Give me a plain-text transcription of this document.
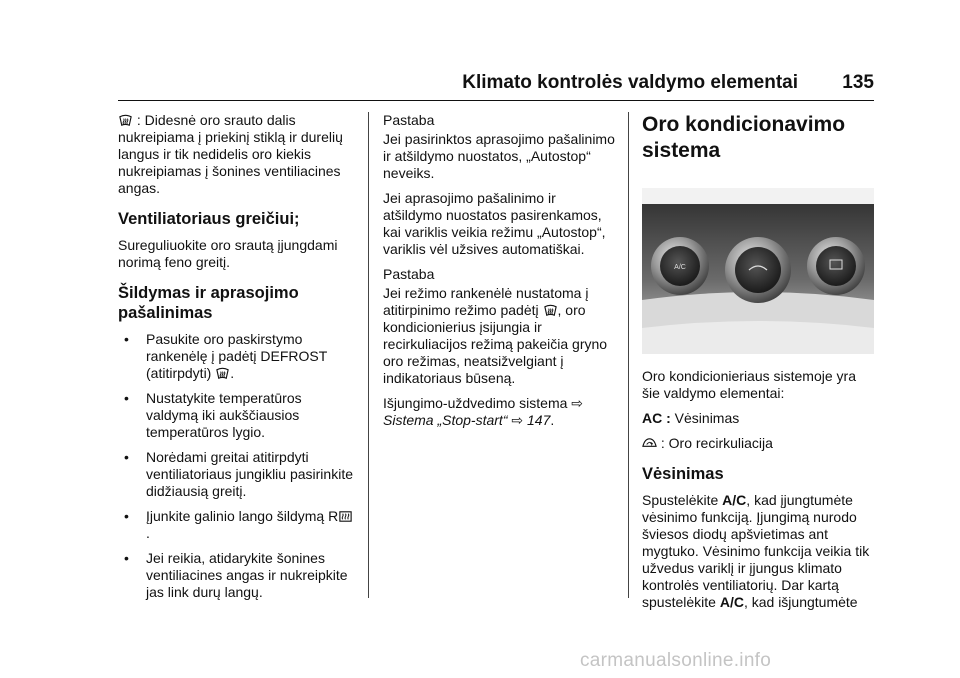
Klimato kontrolės valdymo elementai 135

: Didesnė oro srauto dalis nukreipiama į priekinį stiklą ir durelių langus ir tik nedidelis oro kiekis nukreipiamas į šonines ventiliacines angas.

Ventiliatoriaus greičiui;

Sureguliuokite oro srautą įjungdami norimą feno greitį.

Šildymas ir aprasojimo pašalinimas
• Pasukite oro paskirstymo rankenėlę į padėtį DEFROST (atitirpdyti) .
• Nustatykite temperatūros valdymą iki aukščiausios temperatūros lygio.
• Norėdami greitai atitirpdyti ventiliatoriaus jungikliu pasirinkite didžiausią greitį.
• Įjunkite galinio lango šildymą R
.
• Jei reikia, atidarykite šonines ventiliacines angas ir nukreipkite jas link durų langų.

Pastaba

Jei pasirinktos aprasojimo pašalinimo ir atšildymo nuostatos, „Autostop“ neveiks.

Jei aprasojimo pašalinimo ir atšildymo nuostatos pasirenkamos, kai variklis veikia režimu „Autostop“, variklis vėl užsives automatiškai.

Pastaba

Jei režimo rankenėlė nustatoma į atitirpinimo režimo padėtį , oro kondicionierius įsijungia ir recirkuliacijos režimą pakeičia gryno oro režimas, neatsižvelgiant į indikatoriaus būseną.

Išjungimo-uždvedimo sistema ⇨
Sistema „Stop-start“ ⇨ 147.

Oro kondicionavimo sistema
A/C

Oro kondicionieriaus sistemoje yra šie valdymo elementai:

AC : Vėsinimas

: Oro recirkuliacija

Vėsinimas

Spustelėkite A/C, kad įjungtumėte vėsinimo funkciją. Įjungimą nurodo šviesos diodų apšvietimas ant mygtuko. Vėsinimo funkcija veikia tik užvedus variklį ir įjungus klimato kontrolės ventiliatorių. Dar kartą spustelėkite A/C, kad išjungtumėte

carmanualsonline.info
